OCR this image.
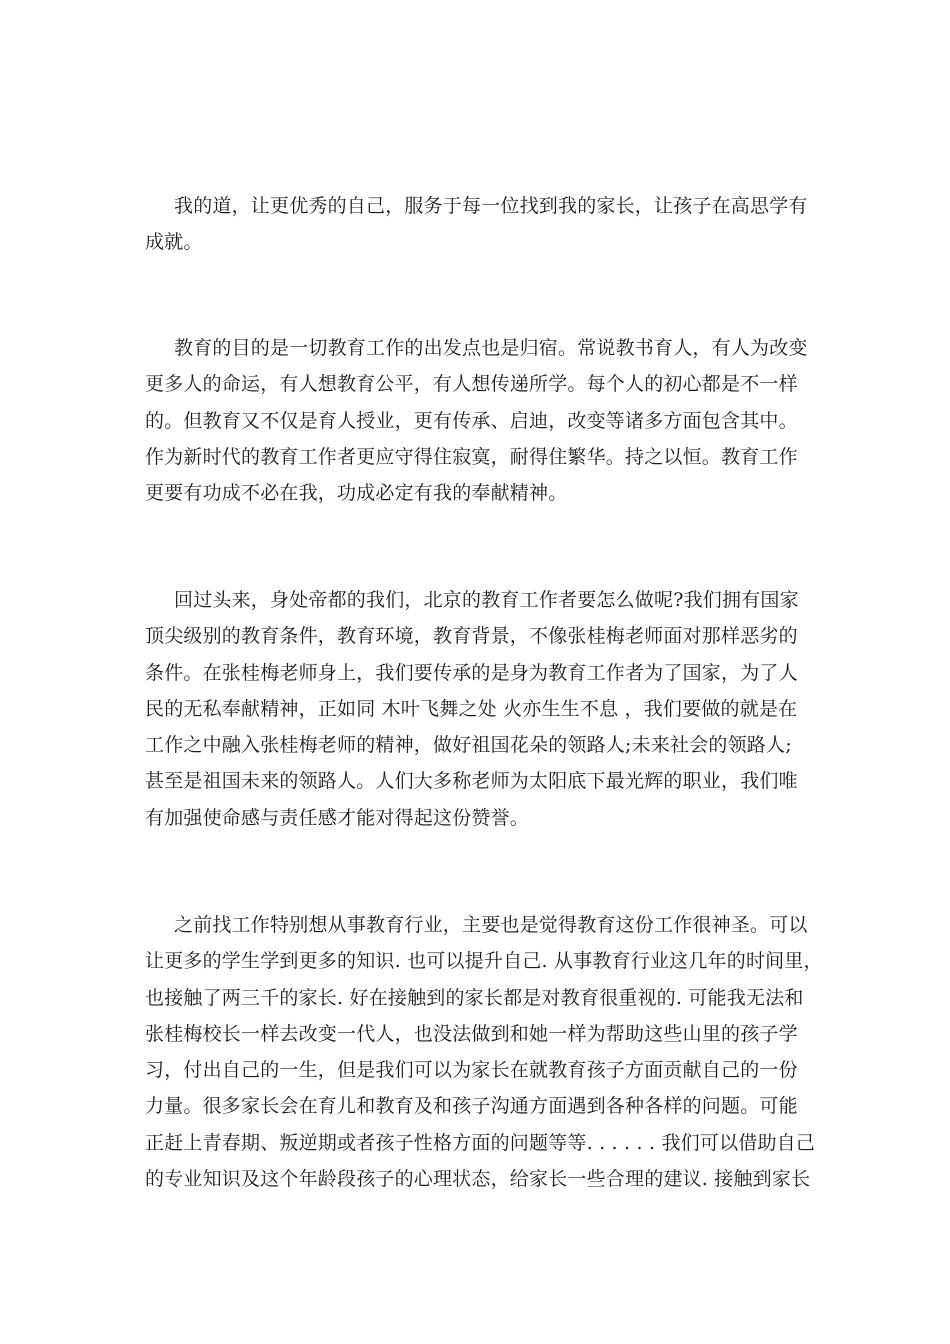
我的道，让更优秀的自己，服务于每一位找到我的家长，让孩子在高思学有
成就。
教育的目的是一切教育工作的出发点也是归宿。常说教书育人，有人为改变
更多人的命运，有人想教育公平，有人想传递所学。每个人的初心都是不一样
的。但教育又不仅是育人授业，更有传承、启迪，改变等诸多方面包含其中。
作为新时代的教育工作者更应守得住寂寞，耐得住繁华。持之以恒。教育工作
更要有功成不必在我，功成必定有我的奉献精神。
回过头来，身处帝都的我们，北京的教育工作者要怎么做呢?我们拥有国家
顶尖级别的教育条件，教育环境，教育背景，不像张桂梅老师面对那样恶劣的
条件。在张桂梅老师身上，我们要传承的是身为教育工作者为了国家，为了人
民的无私奉献精神，正如同 木叶飞舞之处 火亦生生不息 ，我们要做的就是在
工作之中融入张桂梅老师的精神，做好祖国花朵的领路人;未来社会的领路人;
甚至是祖国未来的领路人。人们大多称老师为太阳底下最光辉的职业，我们唯
有加强使命感与责任感才能对得起这份赞誉。
之前找工作特别想从事教育行业，主要也是觉得教育这份工作很神圣。可以
让更多的学生学到更多的知识. 也可以提升自己. 从事教育行业这几年的时间里，
也接触了两三千的家长. 好在接触到的家长都是对教育很重视的. 可能我无法和
张桂梅校长一样去改变一代人，也没法做到和她一样为帮助这些山里的孩子学
习，付出自己的一生，但是我们可以为家长在就教育孩子方面贡献自己的一份
力量。很多家长会在育儿和教育及和孩子沟通方面遇到各种各样的问题。可能
正赶上青春期、叛逆期或者孩子性格方面的问题等等. . . . . . 我们可以借助自己
的专业知识及这个年龄段孩子的心理状态，给家长一些合理的建议. 接触到家长
